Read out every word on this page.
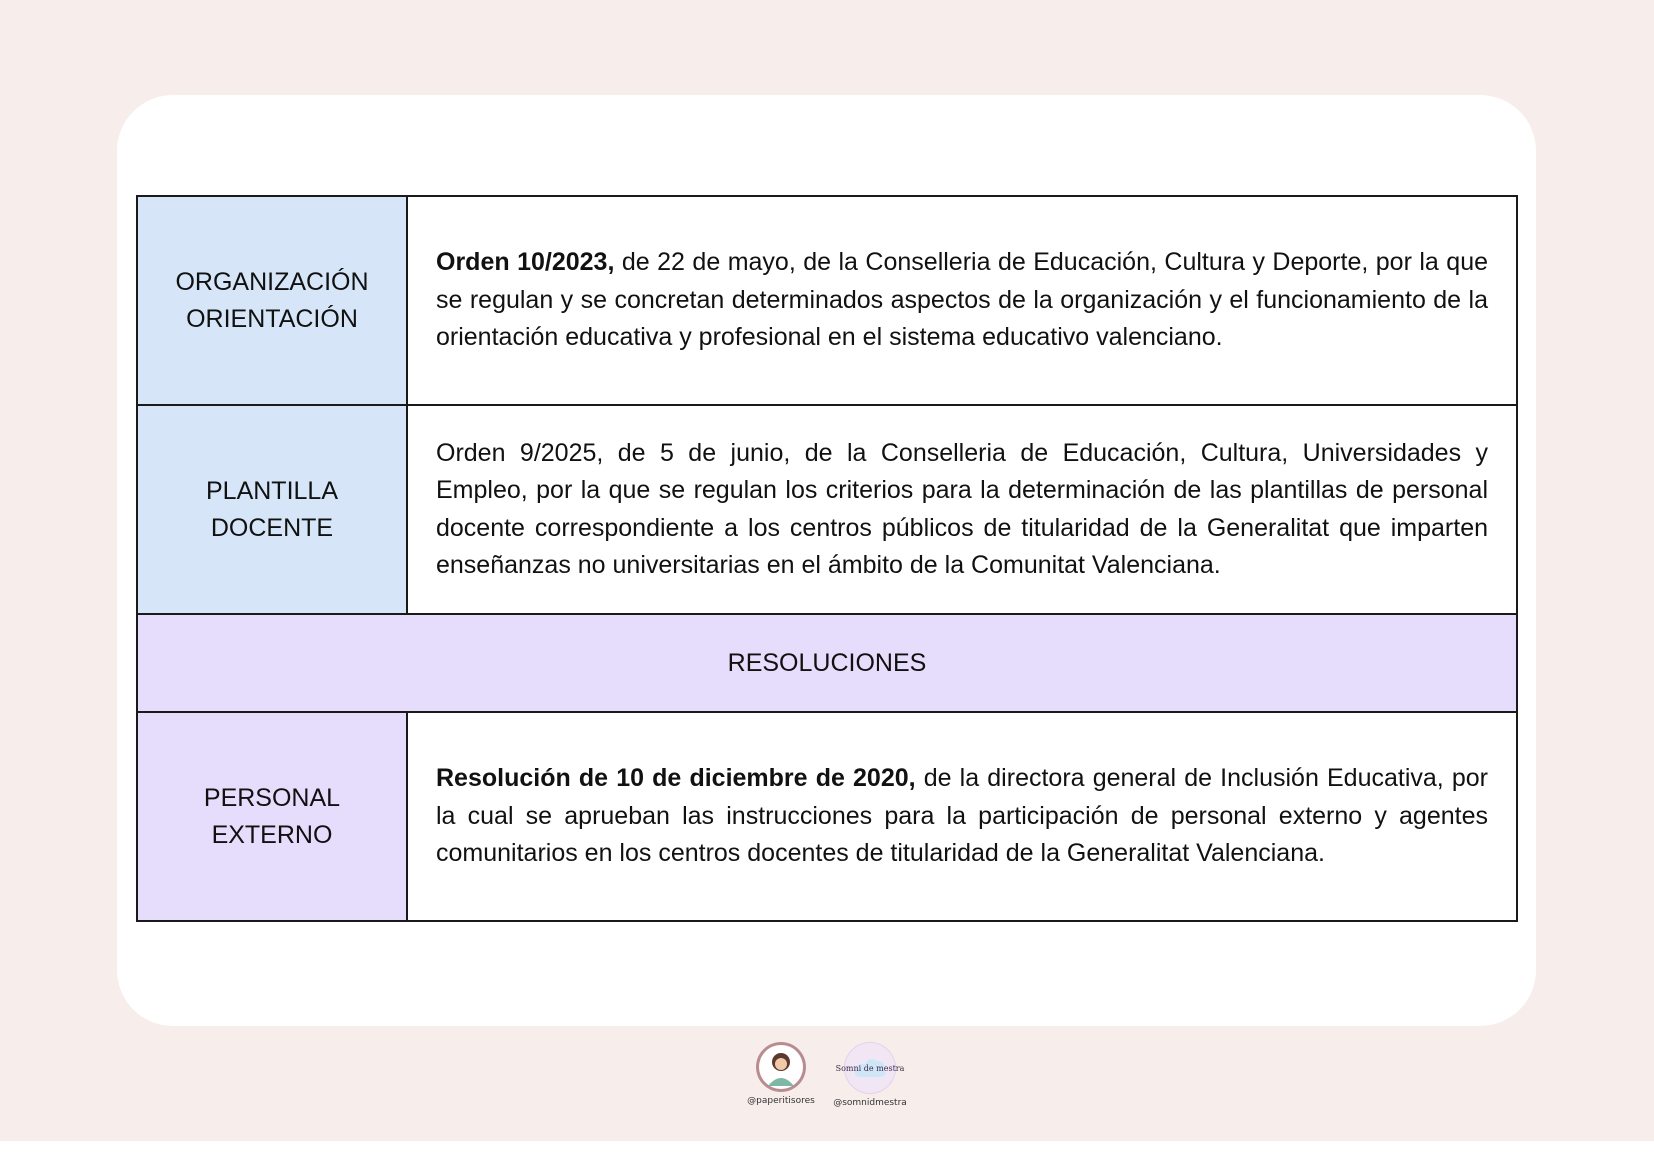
ORGANIZACIÓN
ORIENTACIÓN	Orden 10/2023, de 22 de mayo, de la Conselleria de Educación, Cultura y Deporte, por la que se regulan y se concretan determinados aspectos de la organización y el funcionamiento de la orientación educativa y profesional en el sistema educativo valenciano.

PLANTILLA
DOCENTE	Orden 9/2025, de 5 de junio, de la Conselleria de Educación, Cultura, Universidades y Empleo, por la que se regulan los criterios para la determinación de las plantillas de personal docente correspondiente a los centros públicos de titularidad de la Generalitat que imparten enseñanzas no universitarias en el ámbito de la Comunitat Valenciana.
RESOLUCIONES	

PERSONAL
EXTERNO	Resolución de 10 de diciembre de 2020, de la directora general de Inclusión Educativa, por la cual se aprueban las instrucciones para la participación de personal externo y agentes comunitarios en los centros docentes de titularidad de la Generalitat Valenciana.
@paperitisores
Somni de mestra
@somnidmestra
